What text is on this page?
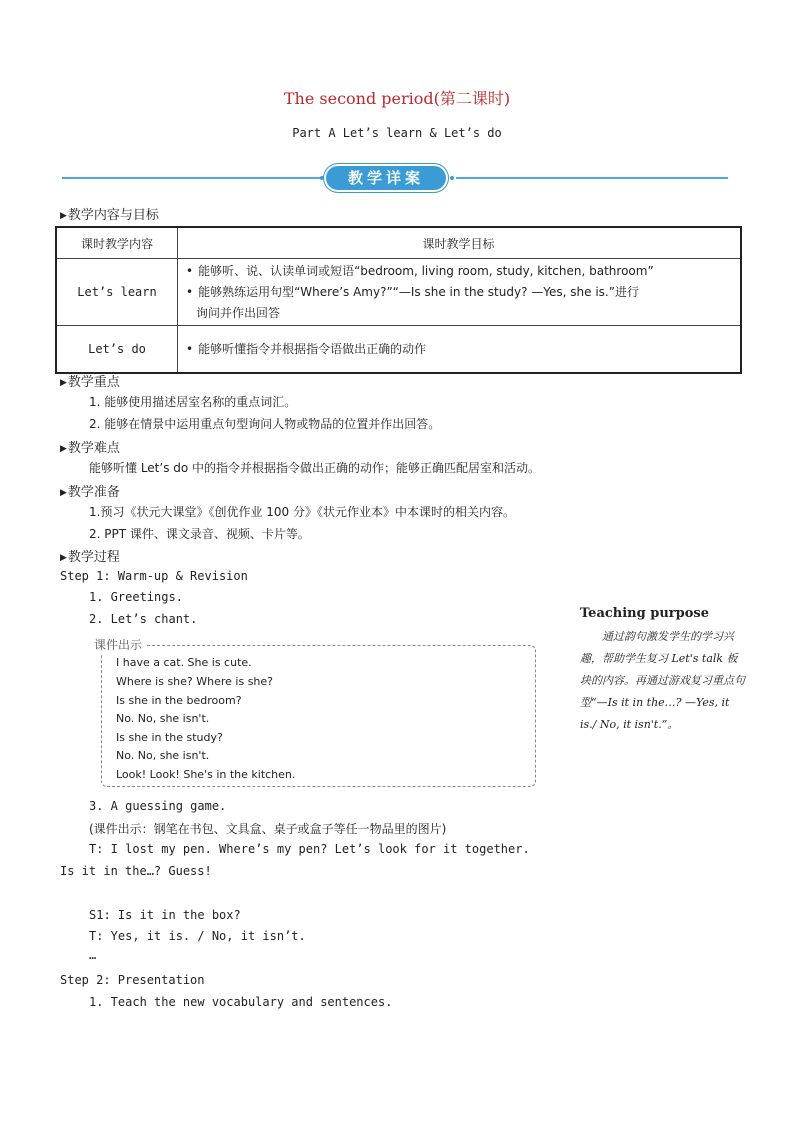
The second period(第二课时)
Part A Let’s learn & Let’s do
教学详案
▶教学内容与目标
课时教学内容	课时教学目标
Let’s learn	• 能够听、说、认读单词或短语“bedroom, living room, study, kitchen, bathroom”
• 能够熟练运用句型“Where’s Amy?”“—Is she in the study? —Yes, she is.”进行
询问并作出回答

Let’s do	• 能够听懂指令并根据指令语做出正确的动作
▶教学重点
1. 能够使用描述居室名称的重点词汇。
2. 能够在情景中运用重点句型询问人物或物品的位置并作出回答。
▶教学难点
能够听懂 Let’s do 中的指令并根据指令做出正确的动作；能够正确匹配居室和活动。
▶教学准备
1.预习《状元大课堂》《创优作业 100 分》《状元作业本》中本课时的相关内容。
2. PPT 课件、课文录音、视频、卡片等。
▶教学过程
Step 1: Warm-up & Revision
1. Greetings.
2. Let’s chant.
课件出示
I have a cat. She is cute.
Where is she? Where is she?
Is she in the bedroom?
No. No, she isn't.
Is she in the study?
No. No, she isn't.
Look! Look! She's in the kitchen.
3. A guessing game.
(课件出示：钢笔在书包、文具盒、桌子或盒子等任一物品里的图片)
T: I lost my pen. Where’s my pen? Let’s look for it together.
Is it in the…? Guess!
S1: Is it in the box?
T: Yes, it is. / No, it isn’t.
…
Step 2: Presentation
1. Teach the new vocabulary and sentences.
Teaching purpose
通过韵句激发学生的学习兴趣，帮助学生复习 Let's talk 板块的内容。再通过游戏复习重点句型“—Is it in the…? —Yes, it is./ No, it isn't.”。
